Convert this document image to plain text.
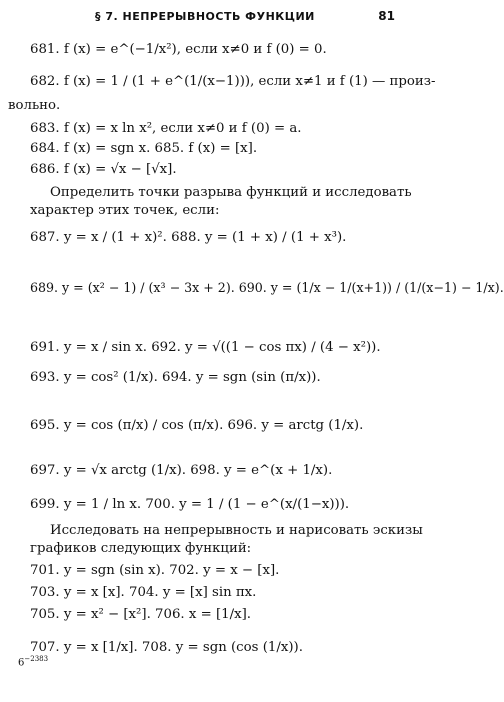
§ 7. НЕПРЕРЫВНОСТЬ ФУНКЦИИ	81
681. f (x) = e^(−1/x²), если x≠0 и f (0) = 0.
682. f (x) = 1 / (1 + e^(1/(x−1))), если x≠1 и f (1) — произ-
вольно.
683. f (x) = x ln x², если x≠0 и f (0) = a.
684. f (x) = sgn x. 685. f (x) = [x].
686. f (x) = √x − [√x].
Определить точки разрыва функций и исследовать
характер этих точек, если:
687. y = x / (1 + x)². 688. y = (1 + x) / (1 + x³).
689. y = (x² − 1) / (x³ − 3x + 2). 690. y = (1/x − 1/(x+1)) / (1/(x−1) − 1/x).
691. y = x / sin x. 692. y = √((1 − cos πx) / (4 − x²)).
693. y = cos² (1/x). 694. y = sgn (sin (π/x)).
695. y = cos (π/x) / cos (π/x). 696. y = arctg (1/x).
697. y = √x arctg (1/x). 698. y = e^(x + 1/x).
699. y = 1 / ln x. 700. y = 1 / (1 − e^(x/(1−x))).
Исследовать на непрерывность и нарисовать эскизы
графиков следующих функций:
701. y = sgn (sin x). 702. y = x − [x].
703. y = x [x]. 704. y = [x] sin πx.
705. y = x² − [x²]. 706. x = [1/x].
707. y = x [1/x]. 708. y = sgn (cos (1/x)).
$6^{-2383}$
